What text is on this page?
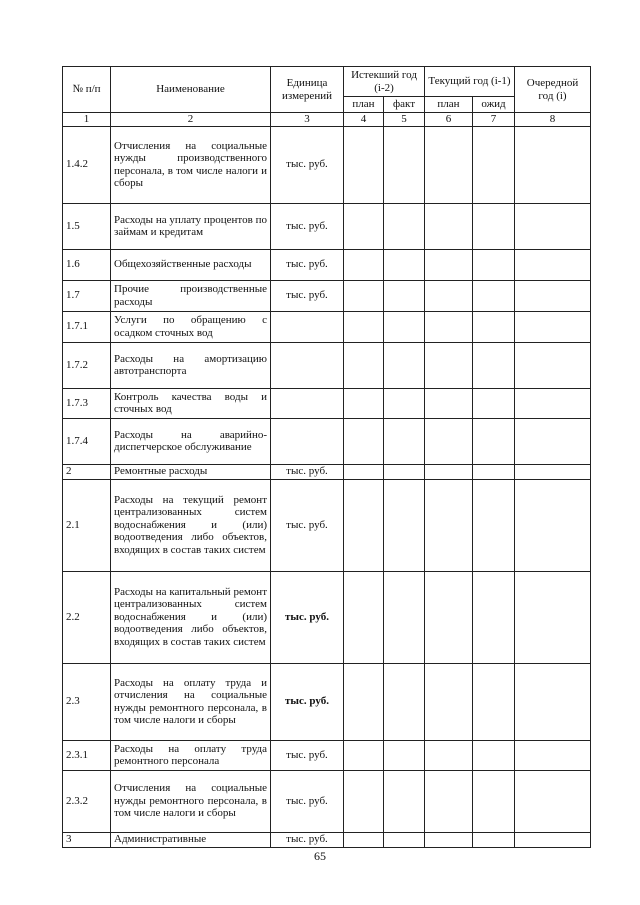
№ п/п	Наименование	Единица измерений	Истекший год (i-2)		Текущий год (i-1)		Очередной год (i)
			план	факт	план	ожид	
1	2	3	4	5	6	7	8
1.4.2	Отчисления на социальные нужды производственного персонала, в том числе налоги и сборы	тыс. руб.					
1.5	Расходы на уплату процентов по займам и кредитам	тыс. руб.					
1.6	Общехозяйственные расходы	тыс. руб.					
1.7	Прочие производственные расходы	тыс. руб.					
1.7.1	Услуги по обращению с осадком сточных вод						
1.7.2	Расходы на амортизацию автотранспорта						
1.7.3	Контроль качества воды и сточных вод						
1.7.4	Расходы на аварийно-диспетчерское обслуживание						
2	Ремонтные расходы	тыс. руб.					
2.1	Расходы на текущий ремонт централизованных систем водоснабжения и (или) водоотведения либо объектов, входящих в состав таких систем	тыс. руб.					
2.2	Расходы на капитальный ремонт централизованных систем водоснабжения и (или) водоотведения либо объектов, входящих в состав таких систем	тыс. руб.					
2.3	Расходы на оплату труда и отчисления на социальные нужды ремонтного персонала, в том числе налоги и сборы	тыс. руб.					
2.3.1	Расходы на оплату труда ремонтного персонала	тыс. руб.					
2.3.2	Отчисления на социальные нужды ремонтного персонала, в том числе налоги и сборы	тыс. руб.					
3	Административные	тыс. руб.					
65
